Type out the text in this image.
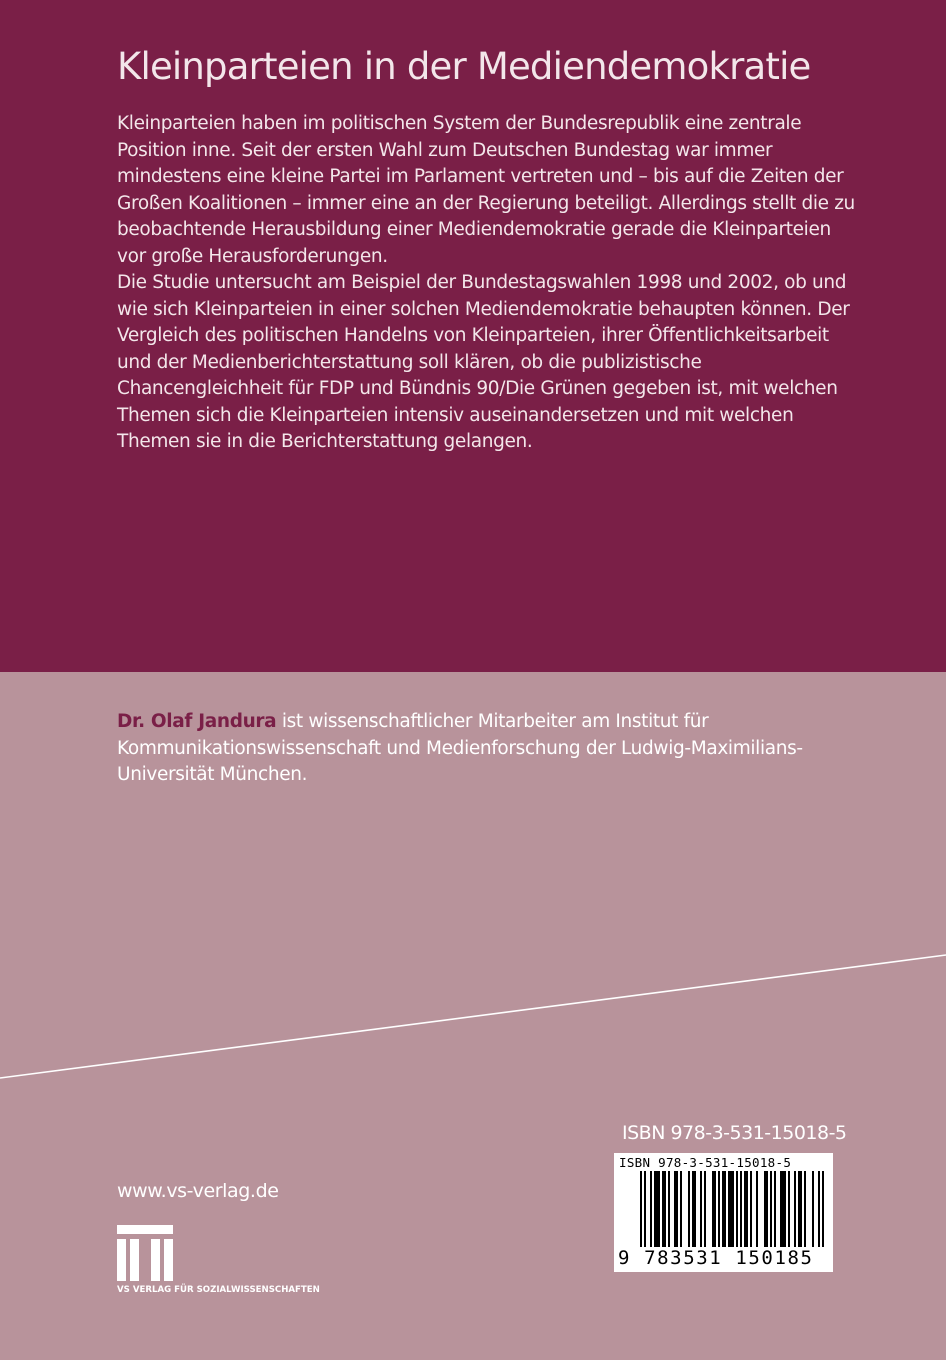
Kleinparteien in der Mediendemokratie

Kleinparteien haben im politischen System der Bundesrepublik eine zentrale Position inne. Seit der ersten Wahl zum Deutschen Bundestag war immer mindestens eine kleine Partei im Parlament vertreten und – bis auf die Zeiten der Großen Koalitionen – immer eine an der Regierung beteiligt. Allerdings stellt die zu beobachtende Herausbildung einer Mediendemokratie gerade die Kleinparteien vor große Herausforderungen.

Die Studie untersucht am Beispiel der Bundestagswahlen 1998 und 2002, ob und wie sich Kleinparteien in einer solchen Mediendemokratie behaupten können. Der Vergleich des politischen Handelns von Kleinparteien, ihrer Öffentlichkeitsarbeit und der Medienberichterstattung soll klären, ob die publizistische Chancengleichheit für FDP und Bündnis 90/Die Grünen gegeben ist, mit welchen Themen sich die Kleinparteien intensiv auseinandersetzen und mit welchen Themen sie in die Berichterstattung gelangen.

Dr. Olaf Jandura ist wissenschaftlicher Mitarbeiter am Institut für Kommunikationswissenschaft und Medienforschung der Ludwig-Maximilians-Universität München.
ISBN 978-3-531-15018-5
ISBN 978-3-531-15018-5
9 783531 150185
www.vs-verlag.de
VS VERLAG FÜR SOZIALWISSENSCHAFTEN
